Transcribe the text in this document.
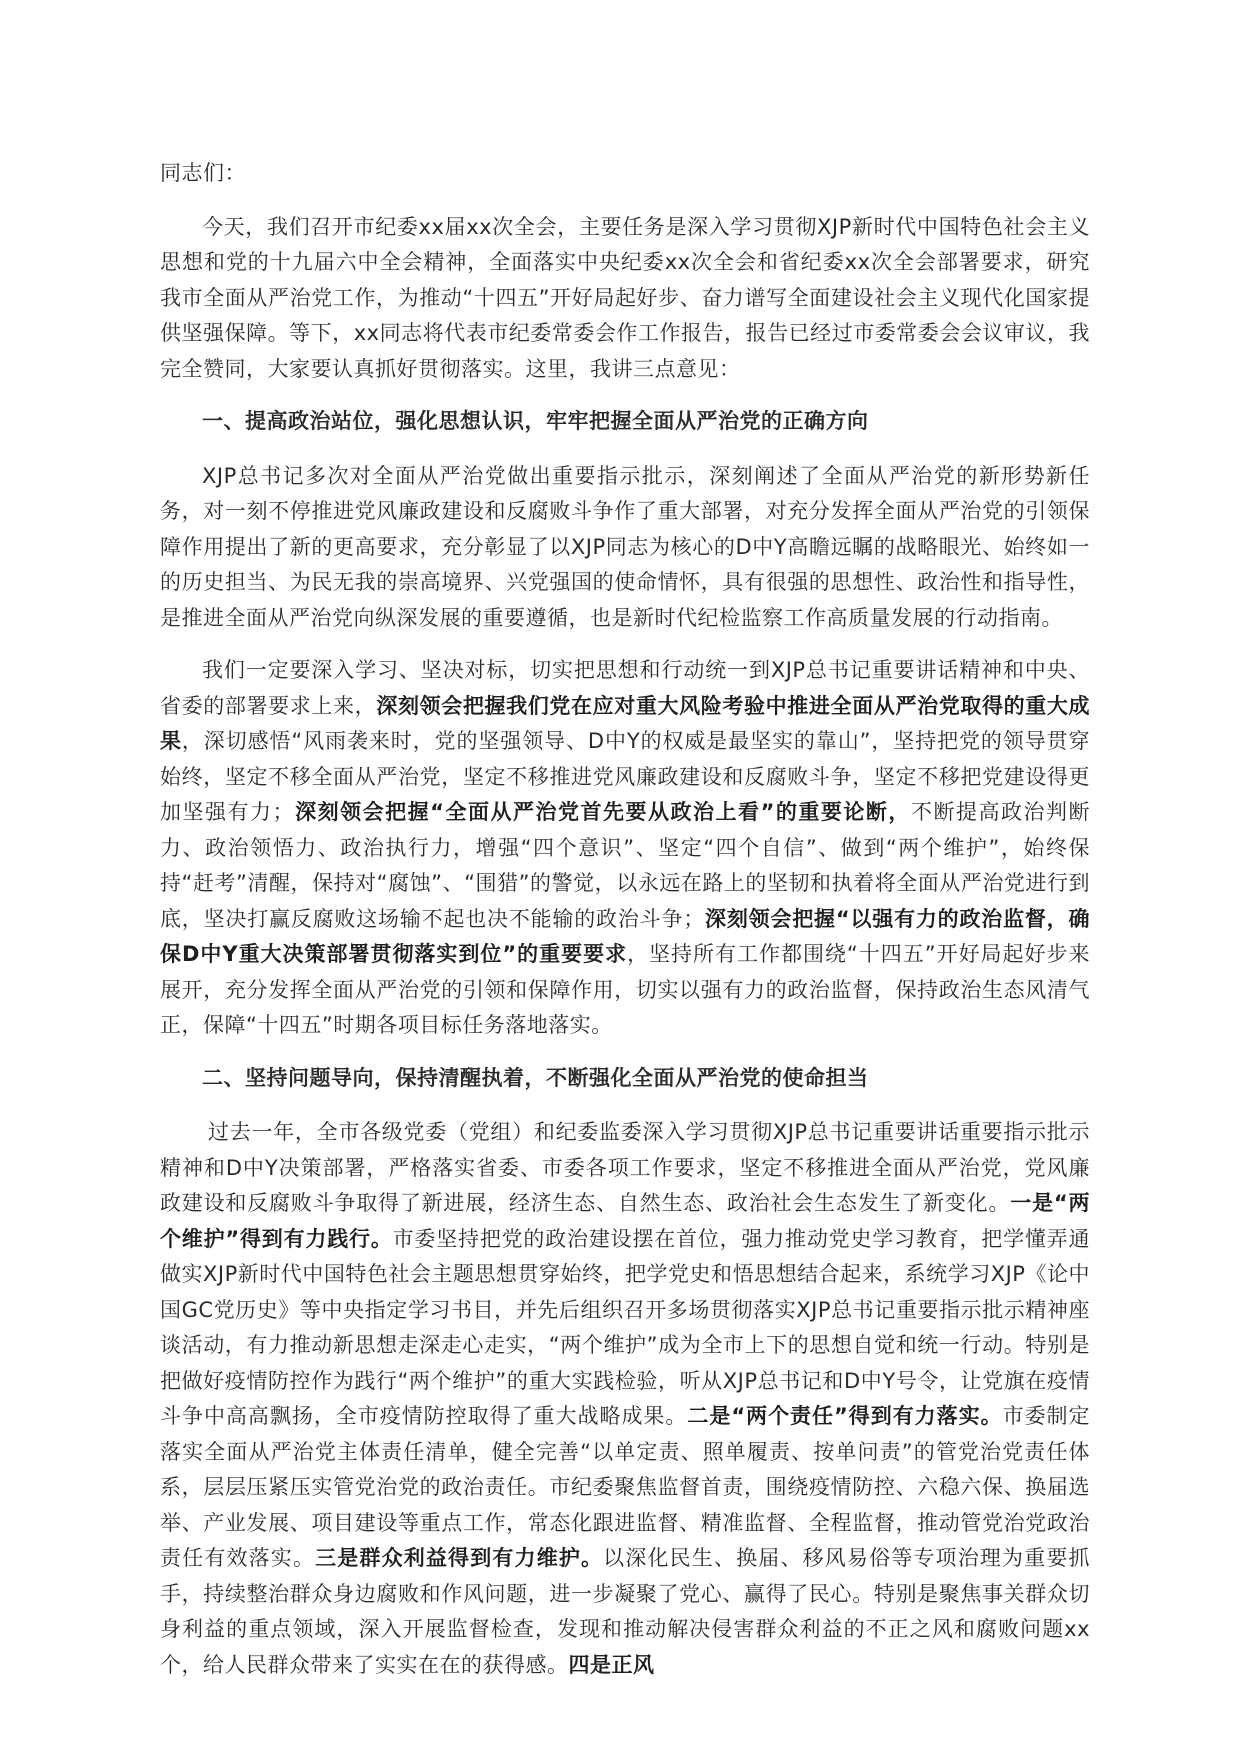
同志们：

今天，我们召开市纪委xx届xx次全会，主要任务是深入学习贯彻XJP新时代中国特色社会主义思想和党的十九届六中全会精神，全面落实中央纪委xx次全会和省纪委xx次全会部署要求，研究我市全面从严治党工作，为推动“十四五”开好局起好步、奋力谱写全面建设社会主义现代化国家提供坚强保障。等下，xx同志将代表市纪委常委会作工作报告，报告已经过市委常委会会议审议，我完全赞同，大家要认真抓好贯彻落实。这里，我讲三点意见：

一、提高政治站位，强化思想认识，牢牢把握全面从严治党的正确方向

XJP总书记多次对全面从严治党做出重要指示批示，深刻阐述了全面从严治党的新形势新任务，对一刻不停推进党风廉政建设和反腐败斗争作了重大部署，对充分发挥全面从严治党的引领保障作用提出了新的更高要求，充分彰显了以XJP同志为核心的D中Y高瞻远瞩的战略眼光、始终如一的历史担当、为民无我的崇高境界、兴党强国的使命情怀，具有很强的思想性、政治性和指导性，是推进全面从严治党向纵深发展的重要遵循，也是新时代纪检监察工作高质量发展的行动指南。

我们一定要深入学习、坚决对标，切实把思想和行动统一到XJP总书记重要讲话精神和中央、省委的部署要求上来，深刻领会把握我们党在应对重大风险考验中推进全面从严治党取得的重大成果，深切感悟“风雨袭来时，党的坚强领导、D中Y的权威是最坚实的靠山”，坚持把党的领导贯穿始终，坚定不移全面从严治党，坚定不移推进党风廉政建设和反腐败斗争，坚定不移把党建设得更加坚强有力；深刻领会把握“全面从严治党首先要从政治上看”的重要论断，不断提高政治判断力、政治领悟力、政治执行力，增强“四个意识”、坚定“四个自信”、做到“两个维护”，始终保持“赶考”清醒，保持对“腐蚀”、“围猎”的警觉，以永远在路上的坚韧和执着将全面从严治党进行到底，坚决打赢反腐败这场输不起也决不能输的政治斗争；深刻领会把握“以强有力的政治监督，确保D中Y重大决策部署贯彻落实到位”的重要要求，坚持所有工作都围绕“十四五”开好局起好步来展开，充分发挥全面从严治党的引领和保障作用，切实以强有力的政治监督，保持政治生态风清气正，保障“十四五”时期各项目标任务落地落实。

二、坚持问题导向，保持清醒执着，不断强化全面从严治党的使命担当

过去一年，全市各级党委（党组）和纪委监委深入学习贯彻XJP总书记重要讲话重要指示批示精神和D中Y决策部署，严格落实省委、市委各项工作要求，坚定不移推进全面从严治党，党风廉政建设和反腐败斗争取得了新进展，经济生态、自然生态、政治社会生态发生了新变化。一是“两个维护”得到有力践行。市委坚持把党的政治建设摆在首位，强力推动党史学习教育，把学懂弄通做实XJP新时代中国特色社会主题思想贯穿始终，把学党史和悟思想结合起来，系统学习XJP《论中国GC党历史》等中央指定学习书目，并先后组织召开多场贯彻落实XJP总书记重要指示批示精神座谈活动，有力推动新思想走深走心走实，“两个维护”成为全市上下的思想自觉和统一行动。特别是把做好疫情防控作为践行“两个维护”的重大实践检验，听从XJP总书记和D中Y号令，让党旗在疫情斗争中高高飘扬，全市疫情防控取得了重大战略成果。二是“两个责任”得到有力落实。市委制定落实全面从严治党主体责任清单，健全完善“以单定责、照单履责、按单问责”的管党治党责任体系，层层压紧压实管党治党的政治责任。市纪委聚焦监督首责，围绕疫情防控、六稳六保、换届选举、产业发展、项目建设等重点工作，常态化跟进监督、精准监督、全程监督，推动管党治党政治责任有效落实。三是群众利益得到有力维护。以深化民生、换届、移风易俗等专项治理为重要抓手，持续整治群众身边腐败和作风问题，进一步凝聚了党心、赢得了民心。特别是聚焦事关群众切身利益的重点领域，深入开展监督检查，发现和推动解决侵害群众利益的不正之风和腐败问题xx个，给人民群众带来了实实在在的获得感。四是正风
